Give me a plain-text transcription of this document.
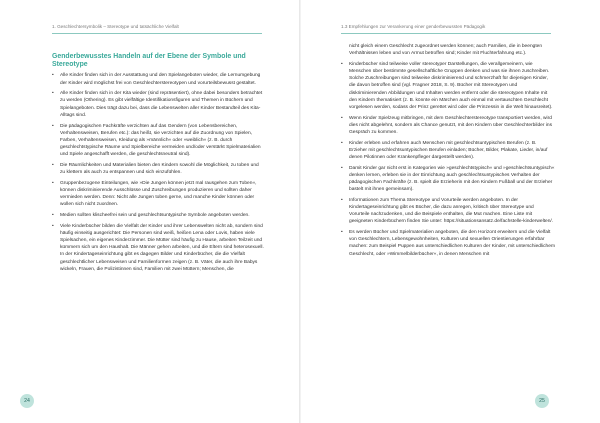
1. Geschlechtersymbolik – Stereotype und tatsächliche Vielfalt
Genderbewusstes Handeln auf der Ebene der Symbole und Stereotype
• Alle Kinder finden sich in der Ausstattung und den Spielangeboten wieder, die Lernumgebung der Kinder wird möglichst frei von Geschlechterstereotypen und vorurteilsbewusst gestaltet.
• Alle Kinder finden sich in der Kita wieder (sind repräsentiert), ohne dabei besonders betrachtet zu werden (Othering). Es gibt vielfältige Identifikationsfiguren und Themen in Büchern und Spielangeboten. Dies trägt dazu bei, dass die Lebenswelten aller Kinder Bestandteil des Kita-Alltags sind.
• Die pädagogischen Fachkräfte verzichten auf das Gendern (von Lebensbereichen, Verhaltensweisen, Berufen etc.): das heißt, sie verzichten auf die Zuordnung von Spielen, Farben, Verhaltensweisen, Kleidung als »männlich« oder »weiblich« (z. B. durch geschlechtstypische Räume und Spielbereiche vermeiden und/oder verstärkt Spielmaterialien und Spiele angeschafft werden, die geschlechtsneutral sind).
• Die Räumlichkeiten und Materialien bieten den Kindern sowohl die Möglichkeit, zu toben und zu klettern als auch zu entspannen und sich einzufühlen.
• Gruppenbezogene Einteilungen, wie »Die Jungen können jetzt mal rausgehen zum Toben«, können diskriminierende Ausschlüsse und Zuschreibungen produzieren und sollten daher vermieden werden. Denn: Nicht alle Jungen toben gerne, und manche Kinder können oder wollen sich nicht zuordnen.
• Medien sollten klischeefrei sein und geschlechtsuntypische Symbole angeboten werden.
• Viele Kinderbücher bilden die Vielfalt der Kinder und ihrer Lebenswelten nicht ab, sondern sind häufig einseitig ausgerichtet: Die Personen sind weiß, heißen Lena oder Lovis, haben viele Spielsachen, ein eigenes Kinderzimmer. Die Mütter sind häufig zu Hause, arbeiten Teilzeit und kümmern sich um den Haushalt. Die Männer gehen arbeiten, und die Eltern sind heterosexuell. In der Kindertageseinrichtung gibt es dagegen Bilder und Kinderbücher, die die Vielfalt geschlechtlicher Lebensweisen und Familienformen zeigen (z. B. Väter, die auch ihre Babys wickeln, Frauen, die Polizistinnen sind, Familien mit zwei Müttern; Menschen, die
24
1.3 Empfehlungen zur Verankerung einer genderbewussten Pädagogik
nicht gleich einem Geschlecht zugeordnet werden können; auch Familien, die in beengten Verhältnissen leben und von Armut betroffen sind; Kinder mit Fluchterfahrung etc.).
• Kinderbücher sind teilweise voller stereotyper Darstellungen, die verallgemeinern, wie Menschen über bestimmte gesellschaftliche Gruppen denken und was sie ihnen zuschreiben. Solche Zuschreibungen sind teilweise diskriminierend und schmerzhaft für diejenigen Kinder, die davon betroffen sind (vgl. Fragner 2018, S. 9). Bücher mit Stereotypen und diskriminierenden Abbildungen und Inhalten werden entfernt oder die stereotypen Inhalte mit den Kindern thematisiert (z. B. könnte ein Märchen auch einmal mit vertauschten Geschlecht vorgelesen werden, sodass der Prinz gerettet wird oder die Prinzessin in die Welt hinausreitet).
• Wenn Kinder Spielzeug mitbringen, mit dem Geschlechterstereotype transportiert werden, wird dies nicht abgelehnt, sondern als Chance genutzt, mit den Kindern über Geschlechterbilder ins Gespräch zu kommen.
• Kinder erleben und erfahren auch Menschen mit geschlechtsuntypischen Berufen (z. B. Erzieher mit geschlechtsuntypischen Berufen einladen; Bücher, Bilder, Plakate, Lieder, in/auf denen Pilotinnen oder Krankenpfleger dargestellt werden).
• Damit Kinder gar nicht erst in Kategorien wie »geschlechtstypisch« und »geschlechtsuntypisch« denken lernen, erleben sie in der Einrichtung auch geschlechtsuntypisches Verhalten der pädagogischen Fachkräfte (z. B. spielt die Erzieherin mit den Kindern Fußball und der Erzieher bastelt mit ihnen gemeinsam).
• Informationen zum Thema Stereotype und Vorurteile werden angeboten. In der Kindertageseinrichtung gibt es Bücher, die dazu anregen, kritisch über Stereotype und Vorurteile nachzudenken, und die Beispiele enthalten, die Mut machen. Eine Liste mit geeigneten Kinderbüchern finden Sie unter: https://situationsansatz.de/fachstelle-kinderwelten/.
• Es werden Bücher und Spielmaterialien angeboten, die den Horizont erweitern und die Vielfalt von Geschlechtern, Lebensgewohnheiten, Kulturen und sexuellen Orientierungen erfahrbar machen: zum Beispiel Puppen aus unterschiedlichen Kulturen der Kinder, mit unterschiedlichem Geschlecht, oder »Wimmelbilderbücher«, in denen Menschen mit
25
